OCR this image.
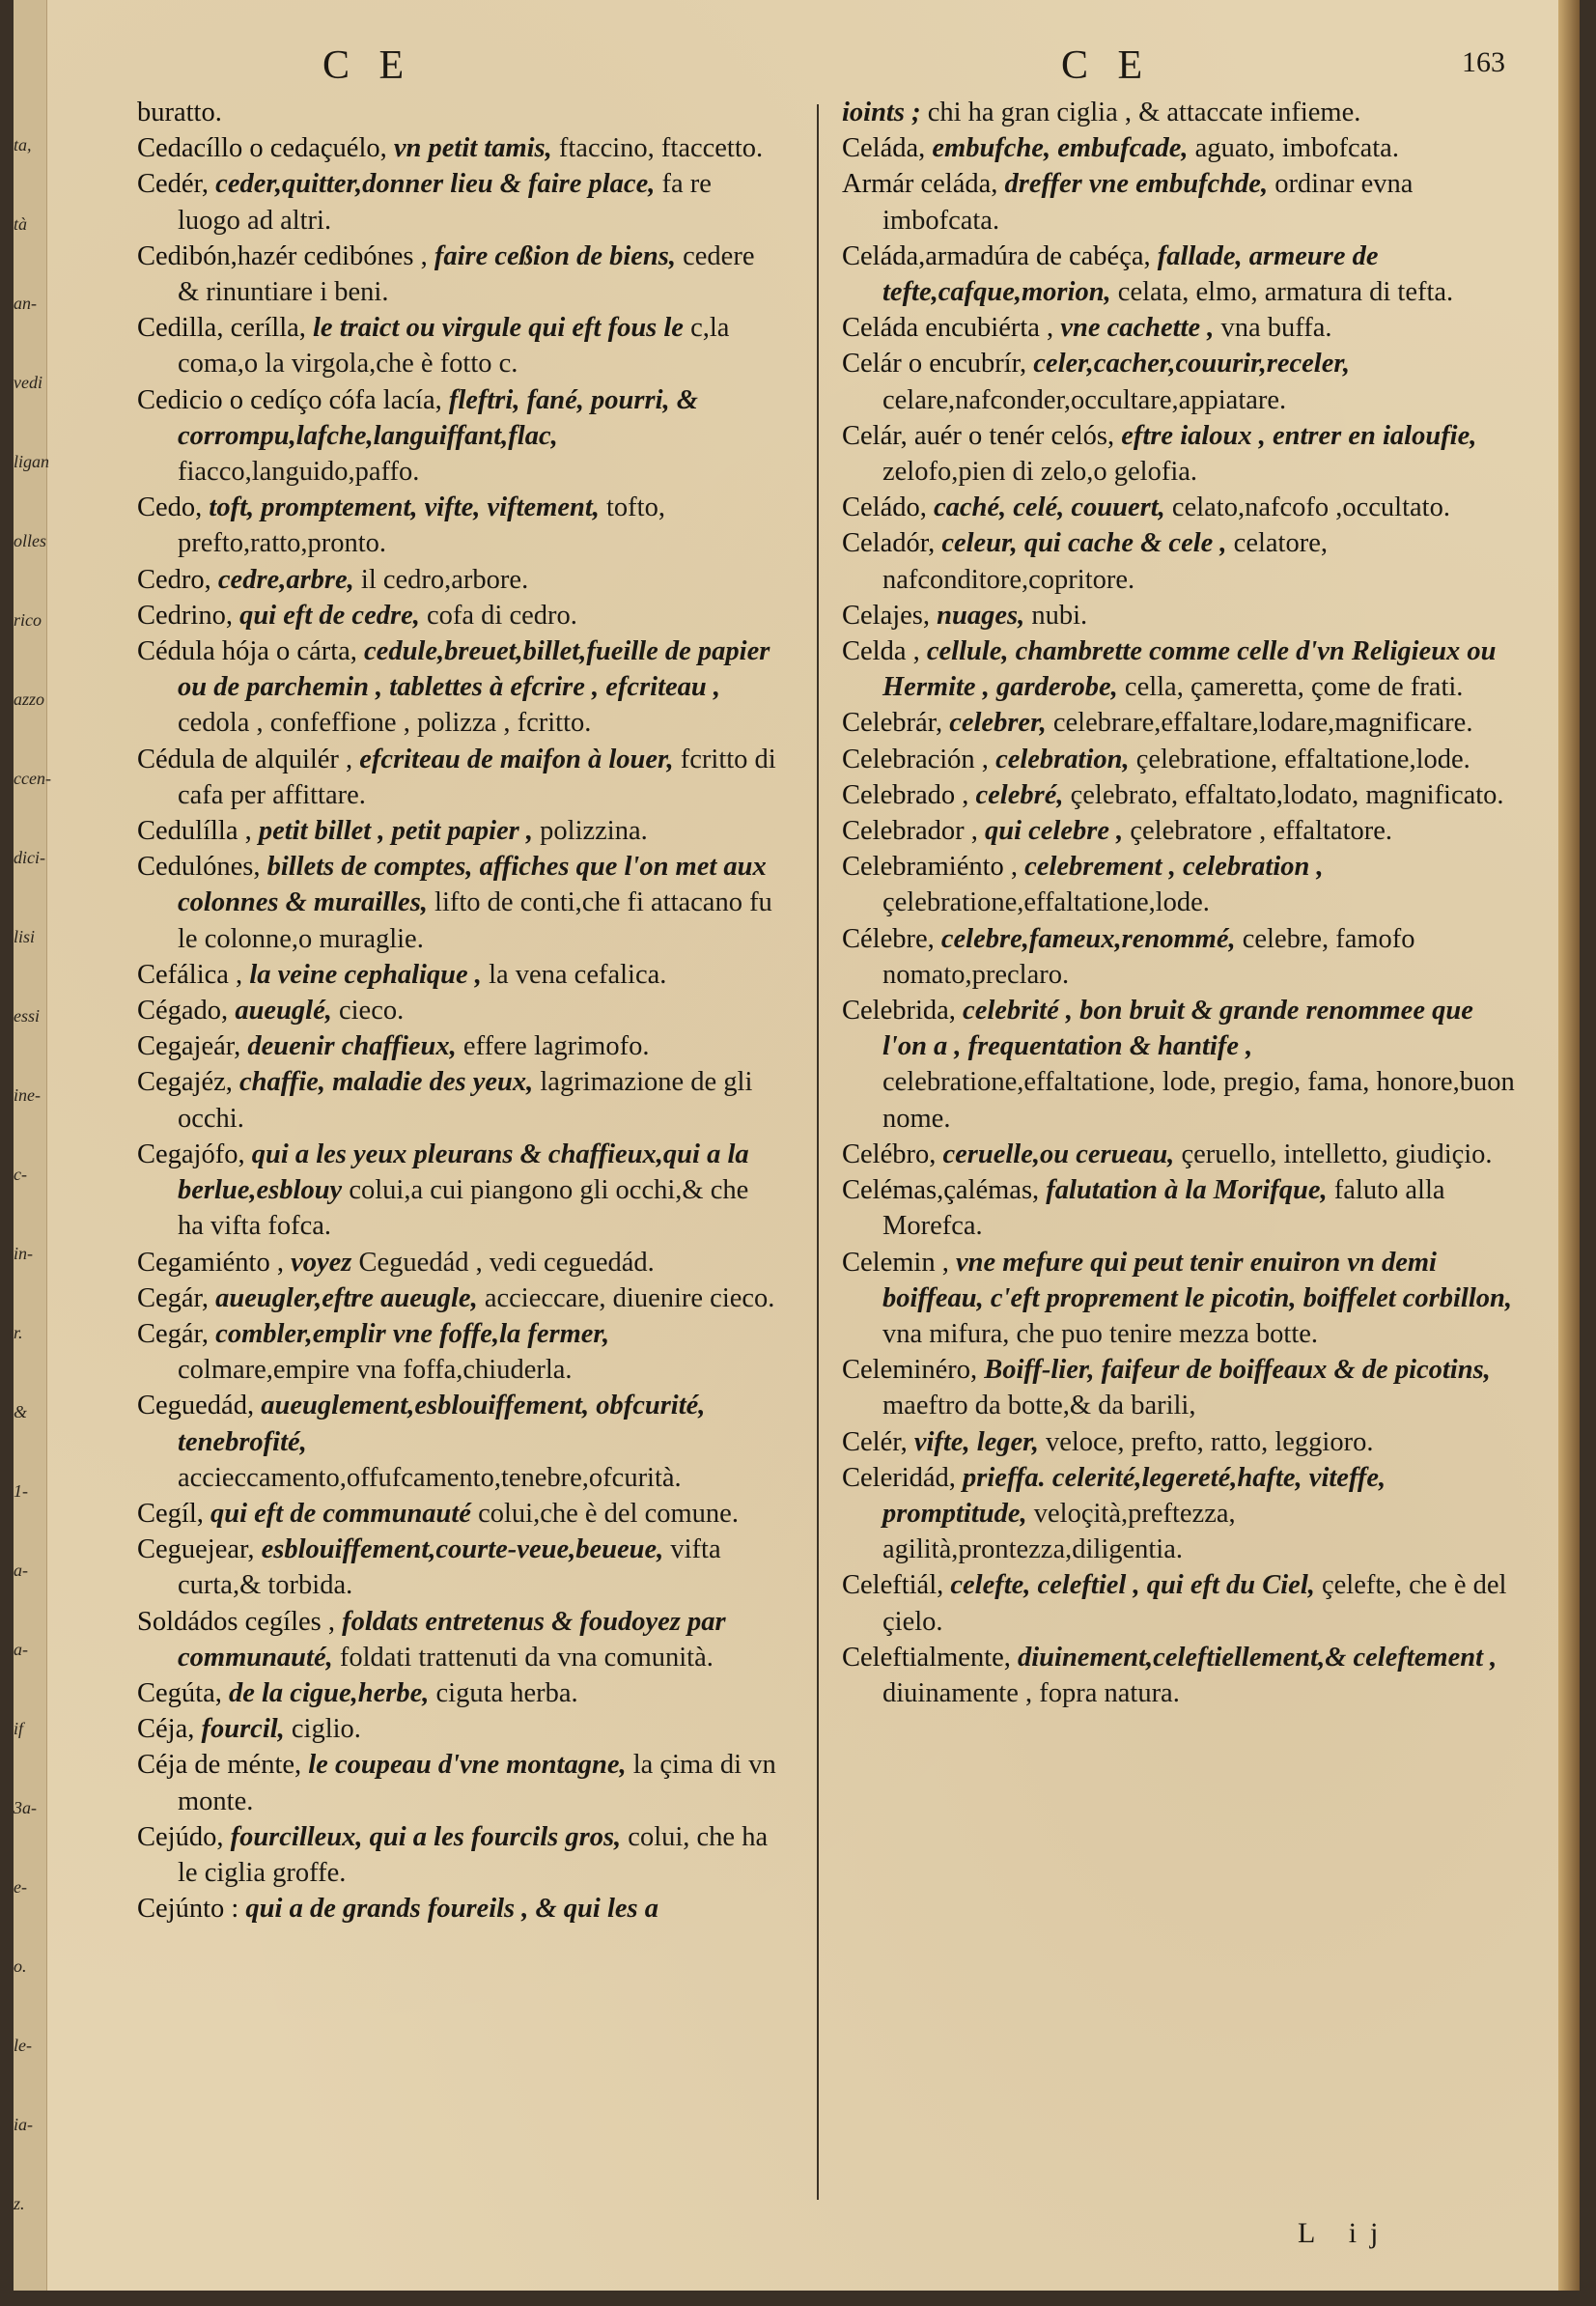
ta,
tà
an-
vedi
ligan
olles
rico
azzo
ccen-
dici-
lisi
essi
ine-
c-
in-
r.
&
1-
a-
a-
if
3a-
e-
o.
le-
ia-
z.
C E	C E	163
buratto.
Cedacíllo o cedaçuélo, vn petit tamis, ftaccino, ftaccetto.
Cedér, ceder,quitter,donner lieu & faire place, fa re luogo ad altri.
Cedibón,hazér cedibónes , faire ceßion de biens, cedere & rinuntiare i beni.
Cedilla, cerílla, le traict ou virgule qui eft fous le c,la coma,o la virgola,che è fotto c.
Cedicio o cedíço cófa lacía, fleftri, fané, pourri, & corrompu,lafche,languiffant,flac, fiacco,languido,paffo.
Cedo, toft, promptement, vifte, viftement, tofto, prefto,ratto,pronto.
Cedro, cedre,arbre, il cedro,arbore.
Cedrino, qui eft de cedre, cofa di cedro.
Cédula hója o cárta, cedule,breuet,billet,fueille de papier ou de parchemin , tablettes à efcrire , efcriteau , cedola , confeffione , polizza , fcritto.
Cédula de alquilér , efcriteau de maifon à louer, fcritto di cafa per affittare.
Cedulílla , petit billet , petit papier , polizzina.
Cedulónes, billets de comptes, affiches que l'on met aux colonnes & murailles, lifto de conti,che fi attacano fu le colonne,o muraglie.
Cefálica , la veine cephalique , la vena cefalica.
Cégado, aueuglé, cieco.
Cegajeár, deuenir chaffieux, effere lagrimofo.
Cegajéz, chaffie, maladie des yeux, lagrimazione de gli occhi.
Cegajófo, qui a les yeux pleurans & chaffieux,qui a la berlue,esblouy colui,a cui piangono gli occhi,& che ha vifta fofca.
Cegamiénto , voyez Ceguedád , vedi ceguedád.
Cegár, aueugler,eftre aueugle, accieccare, diuenire cieco.
Cegár, combler,emplir vne foffe,la fermer, colmare,empire vna foffa,chiuderla.
Ceguedád, aueuglement,esblouiffement, obfcurité, tenebrofité, accieccamento,offufcamento,tenebre,ofcurità.
Cegíl, qui eft de communauté colui,che è del comune.
Ceguejear, esblouiffement,courte-veue,beueue, vifta curta,& torbida.
Soldádos cegíles , foldats entretenus & foudoyez par communauté, foldati trattenuti da vna comunità.
Cegúta, de la cigue,herbe, ciguta herba.
Céja, fourcil, ciglio.
Céja de ménte, le coupeau d'vne montagne, la çima di vn monte.
Cejúdo, fourcilleux, qui a les fourcils gros, colui, che ha le ciglia groffe.
Cejúnto : qui a de grands foureils , & qui les a
ioints ; chi ha gran ciglia , & attaccate infieme.
Celáda, embufche, embufcade, aguato, imbofcata.
Armár celáda, dreffer vne embufchde, ordinar evna imbofcata.
Celáda,armadúra de cabéça, fallade, armeure de tefte,cafque,morion, celata, elmo, armatura di tefta.
Celáda encubiérta , vne cachette , vna buffa.
Celár o encubrír, celer,cacher,couurir,receler, celare,nafconder,occultare,appiatare.
Celár, auér o tenér celós, eftre ialoux , entrer en ialoufie, zelofo,pien di zelo,o gelofia.
Celádo, caché, celé, couuert, celato,nafcofo ,occultato.
Celadór, celeur, qui cache & cele , celatore, nafconditore,copritore.
Celajes, nuages, nubi.
Celda , cellule, chambrette comme celle d'vn Religieux ou Hermite , garderobe, cella, çameretta, çome de frati.
Celebrár, celebrer, celebrare,effaltare,lodare,magnificare.
Celebración , celebration, çelebratione, effaltatione,lode.
Celebrado , celebré, çelebrato, effaltato,lodato, magnificato.
Celebrador , qui celebre , çelebratore , effaltatore.
Celebramiénto , celebrement , celebration , çelebratione,effaltatione,lode.
Célebre, celebre,fameux,renommé, celebre, famofo nomato,preclaro.
Celebrida, celebrité , bon bruit & grande renommee que l'on a , frequentation & hantife , celebratione,effaltatione, lode, pregio, fama, honore,buon nome.
Celébro, ceruelle,ou cerueau, çeruello, intelletto, giudiçio.
Celémas,çalémas, falutation à la Morifque, faluto alla Morefca.
Celemin , vne mefure qui peut tenir enuiron vn demi boiffeau, c'eft proprement le picotin, boiffelet corbillon, vna mifura, che puo tenire mezza botte.
Celeminéro, Boiff-lier, faifeur de boiffeaux & de picotins, maeftro da botte,& da barili,
Celér, vifte, leger, veloce, prefto, ratto, leggioro.
Celeridád, prieffa. celerité,legereté,hafte, viteffe, promptitude, veloçità,preftezza, agilità,prontezza,diligentia.
Celeftiál, celefte, celeftiel , qui eft du Ciel, çelefte, che è del çielo.
Celeftialmente, diuinement,celeftiellement,& celeftement , diuinamente , fopra natura.
L ij
